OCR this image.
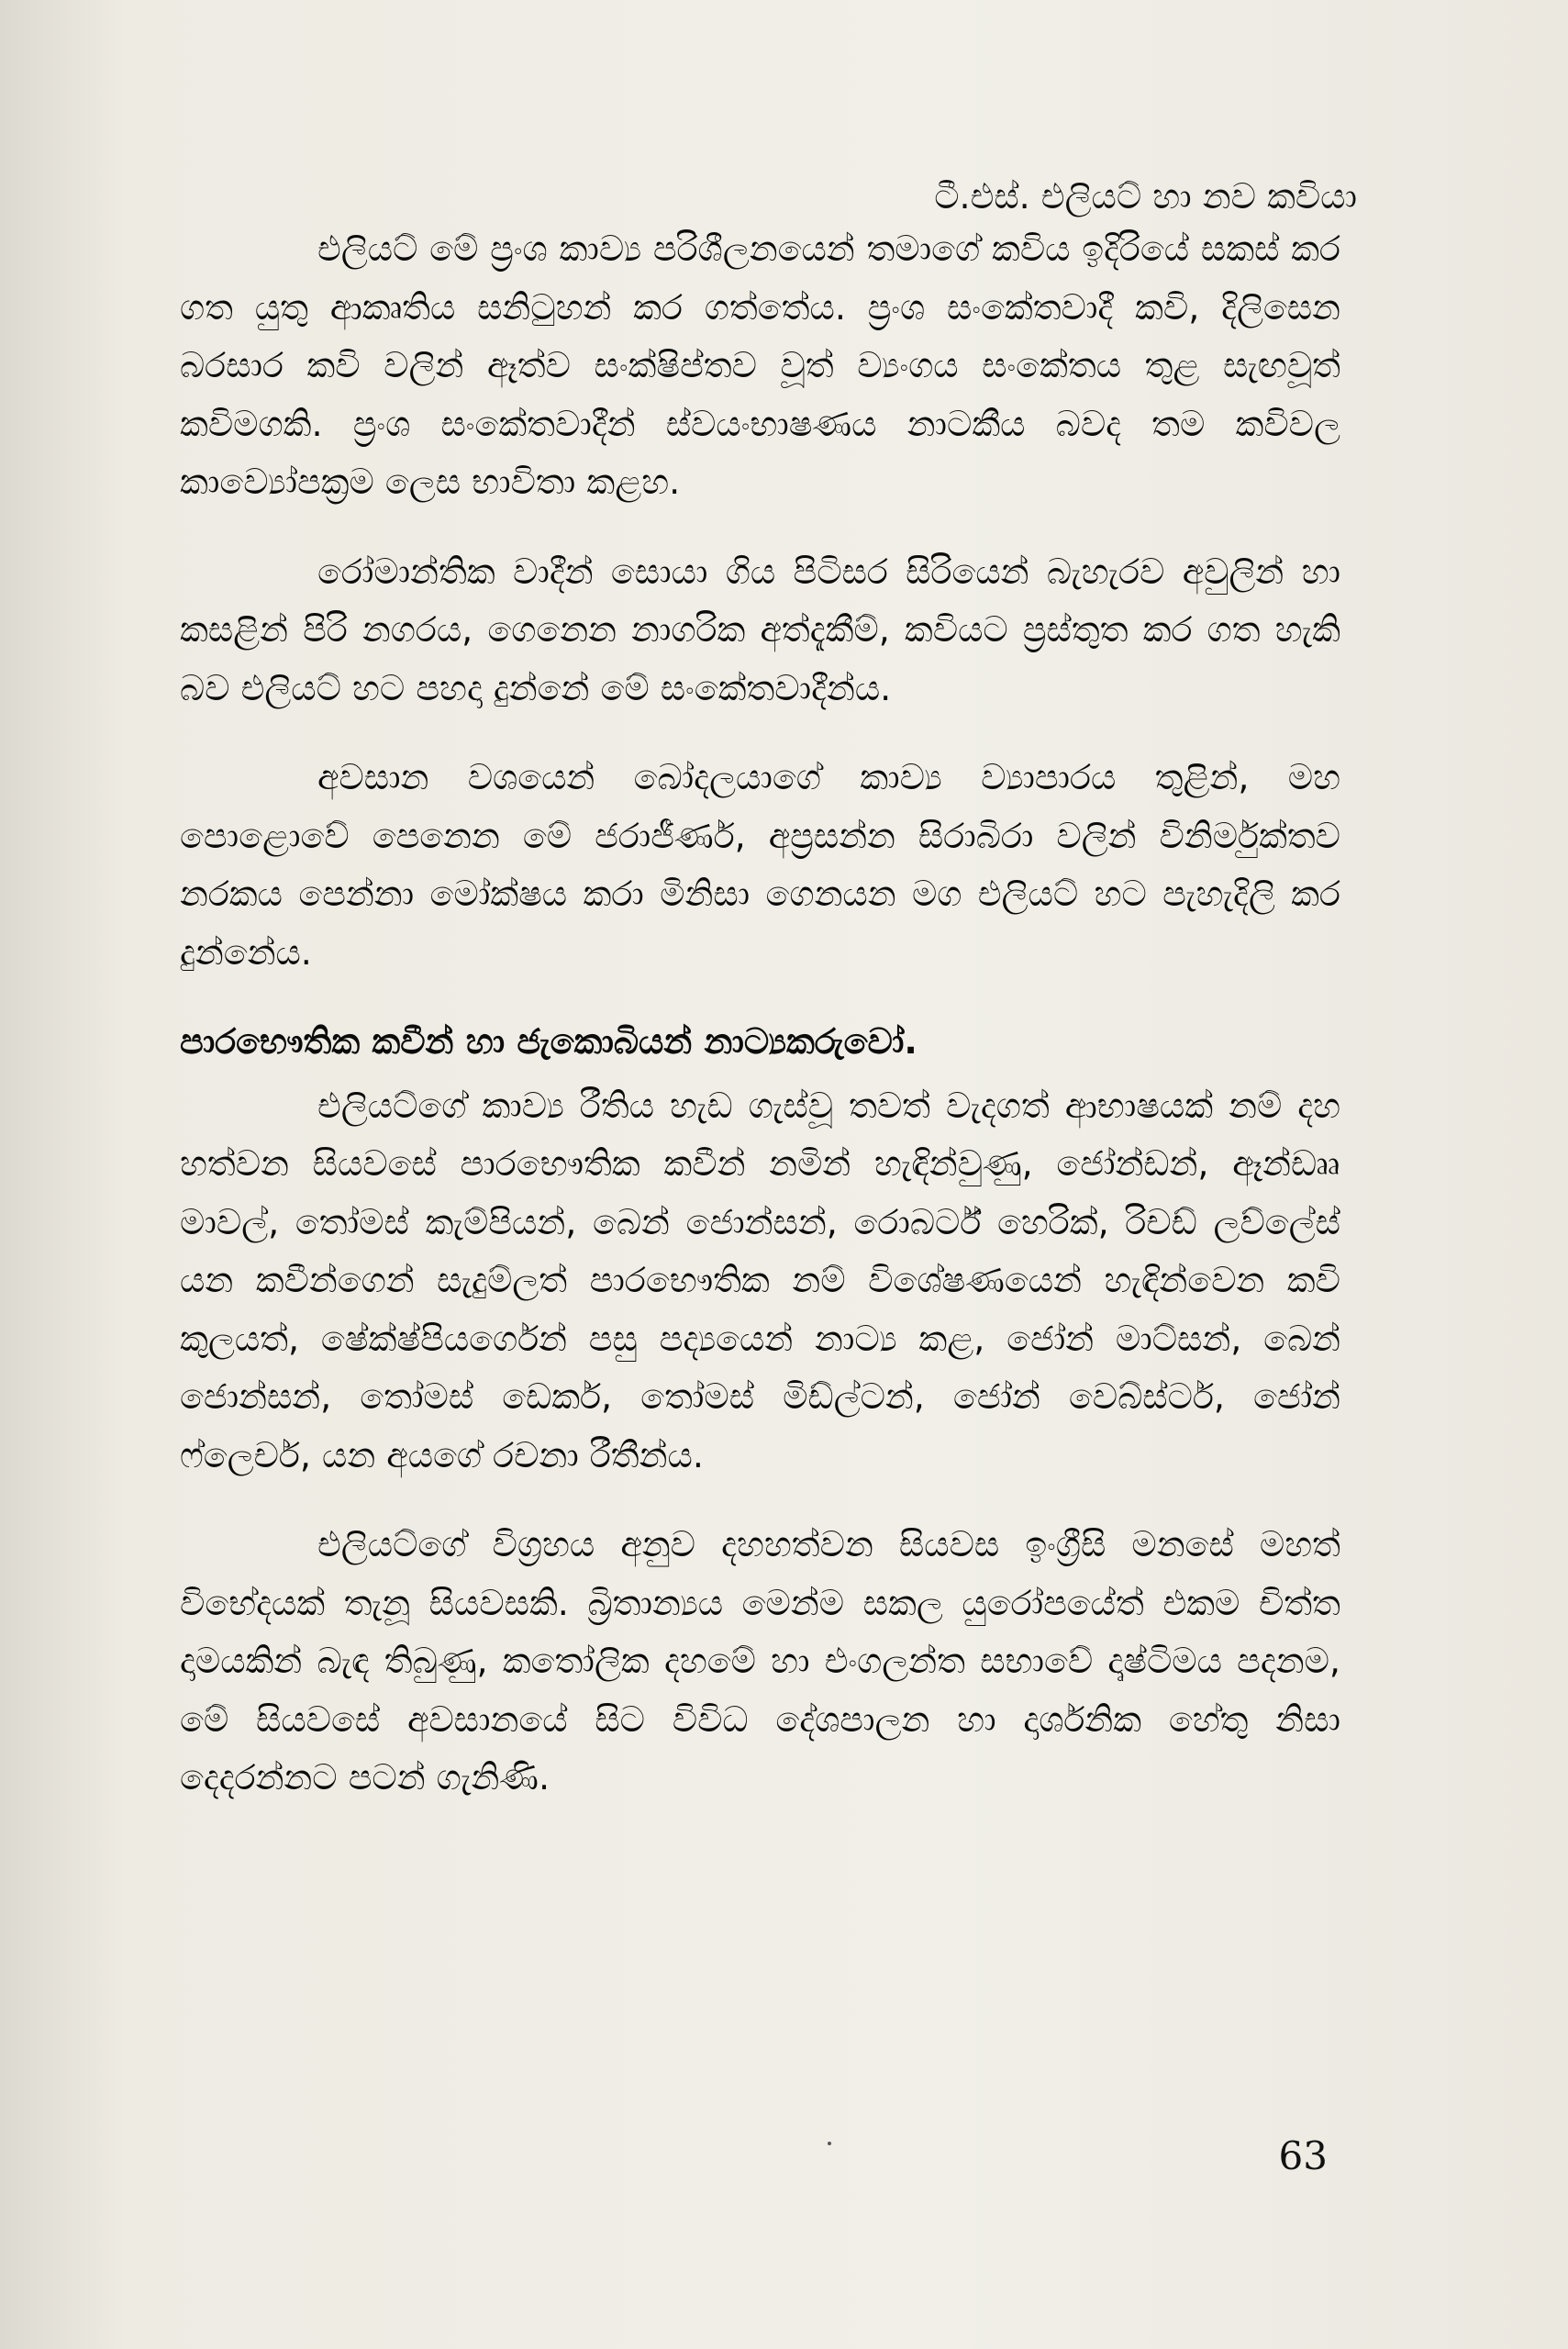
ටී.එස්. එලියට් හා නව කවියා

එලියට් මේ ප්‍රංශ කාව්‍ය පරිශීලනයෙන් තමාගේ කවිය ඉදිරියේ සකස් කර ගත යුතු ආකෘතිය සනිටුහන් කර ගත්තේය. ප්‍රංශ සංකේතවාදී කවි, දිලිසෙන බරසාර කවි වලින් ඈත්ව සංක්ෂිප්තව වූත් ව්‍යංගය සංකේතය තුළ සැඟවූත් කවිමගකි. ප්‍රංශ සංකේතවාදීන් ස්වයංභාෂණය නාටකීය බවද තම කවිවල කාව්‍යෝපක්‍රම ලෙස භාවිතා කළහ.

රෝමාන්තික වාදීන් සොයා ගිය පිටිසර සිරියෙන් බැහැරව අවුලින් හා කසළින් පිරි නගරය, ගෙනෙන නාගරික අත්දැකීම්, කවියට ප්‍රස්තුත කර ගත හැකි බව එලියට් හට පහදා දුන්නේ මේ සංකේතවාදීන්ය.

අවසාන වශයෙන් බෝදලයාගේ කාව්‍ය ව්‍යාපාරය තුළින්, මහ පොළොවේ පෙනෙන මේ ජරාජීර්ණ, අප්‍රසන්න සිරාබිරා වලින් විනිර්මුක්තව නරකය පෙන්නා මෝක්ෂය කරා මිනිසා ගෙනයන මග එලියට් හට පැහැදිලි කර දුන්නේය.

පාරභෞතික කවීන් හා ජැකොබියන් නාට්‍යකරුවෝ.

එලියට්ගේ කාව්‍ය රීතිය හැඩ ගැස්වූ තවත් වැදගත් ආභාෂයක් නම් දහ හත්වන සියවසේ පාරභෞතික කවීන් නමින් හැඳින්වුණු, ජෝන්ඩන්, ඈන්ඩෲ මාවල්, තෝමස් කැම්පියන්, බෙන් ජොන්සන්, රොබර්ට් හෙරික්, රිචඩ් ලව්ලේස් යන කවීන්ගෙන් සැදුම්ලත් පාරභෞතික නම් විශේෂණයෙන් හැඳින්වෙන කවි කුලයත්, ෂේක්ෂ්පියර්ගෙන් පසු පද්‍යයෙන් නාට්‍ය කළ, ජෝන් මාට්සන්, බෙන් ජොන්සන්, තෝමස් ඩෙකර්, තෝමස් මිඩ්ල්ටන්, ජෝන් වෙබ්ස්ටර්, ජෝන් ෆ්ලෙචර්, යන අයගේ රචනා රීතීන්ය.

එලියට්ගේ විග්‍රහය අනුව දහහත්වන සියවස ඉංග්‍රීසි මනසේ මහත් විභේදයක් තැනූ සියවසකි. බ්‍රිතාන්‍යය මෙන්ම සකල යුරෝපයේත් එකම චිත්ත දාමයකින් බැඳ තිබුණු, කතෝලික දහමේ හා එංගලන්ත සභාවේ දෘෂ්ටිමය පදනම, මේ සියවසේ අවසානයේ සිට විවිධ දේශපාලන හා දාර්ශනික හේතු නිසා දෙදරන්නට පටන් ගැනිණි.

63
